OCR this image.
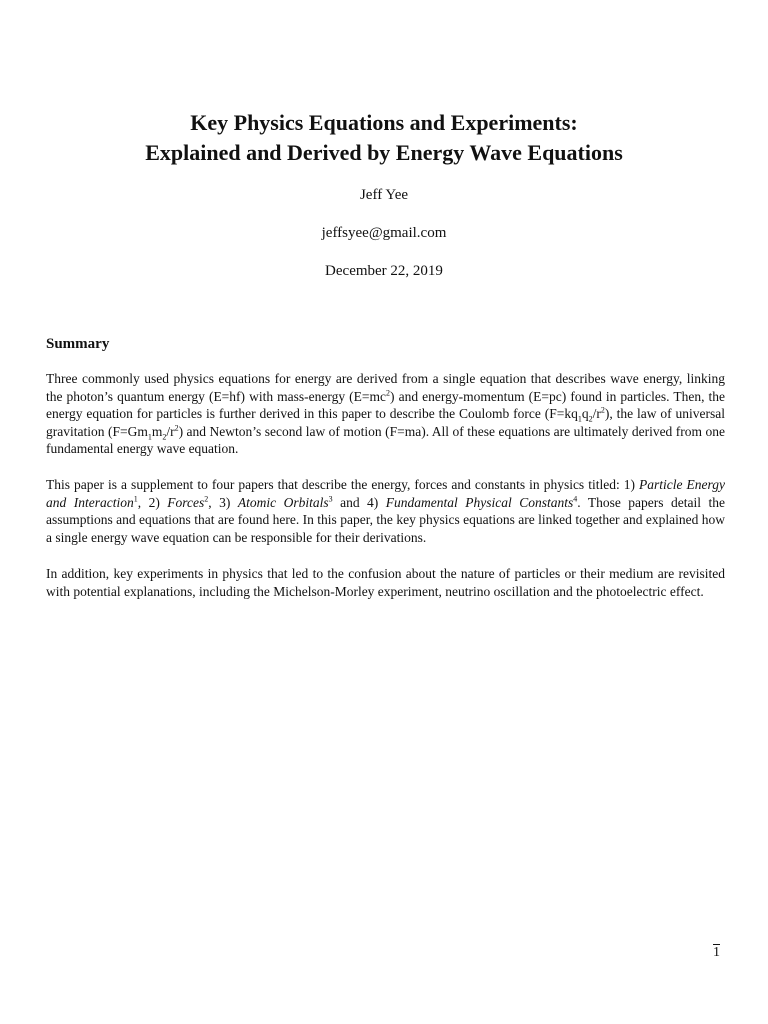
Key Physics Equations and Experiments:
Explained and Derived by Energy Wave Equations
Jeff Yee
jeffsyee@gmail.com
December 22, 2019
Summary

Three commonly used physics equations for energy are derived from a single equation that describes wave energy, linking the photon’s quantum energy (E=hf) with mass-energy $(E=mc^2)$ and energy-momentum (E=pc) found in particles. Then, the energy equation for particles is further derived in this paper to describe the Coulomb force $(F=kq_1q_2/r^2)$, the law of universal gravitation $(F=Gm_1m_2/r^2)$ and Newton’s second law of motion (F=ma). All of these equations are ultimately derived from one fundamental energy wave equation.

This paper is a supplement to four papers that describe the energy, forces and constants in physics titled: 1) Particle Energy and Interaction$^1$, 2) Forces$^2$, 3) Atomic Orbitals$^3$ and 4) Fundamental Physical Constants$^4$. Those papers detail the assumptions and equations that are found here. In this paper, the key physics equations are linked together and explained how a single energy wave equation can be responsible for their derivations.

In addition, key experiments in physics that led to the confusion about the nature of particles or their medium are revisited with potential explanations, including the Michelson-Morley experiment, neutrino oscillation and the photoelectric effect.

1
